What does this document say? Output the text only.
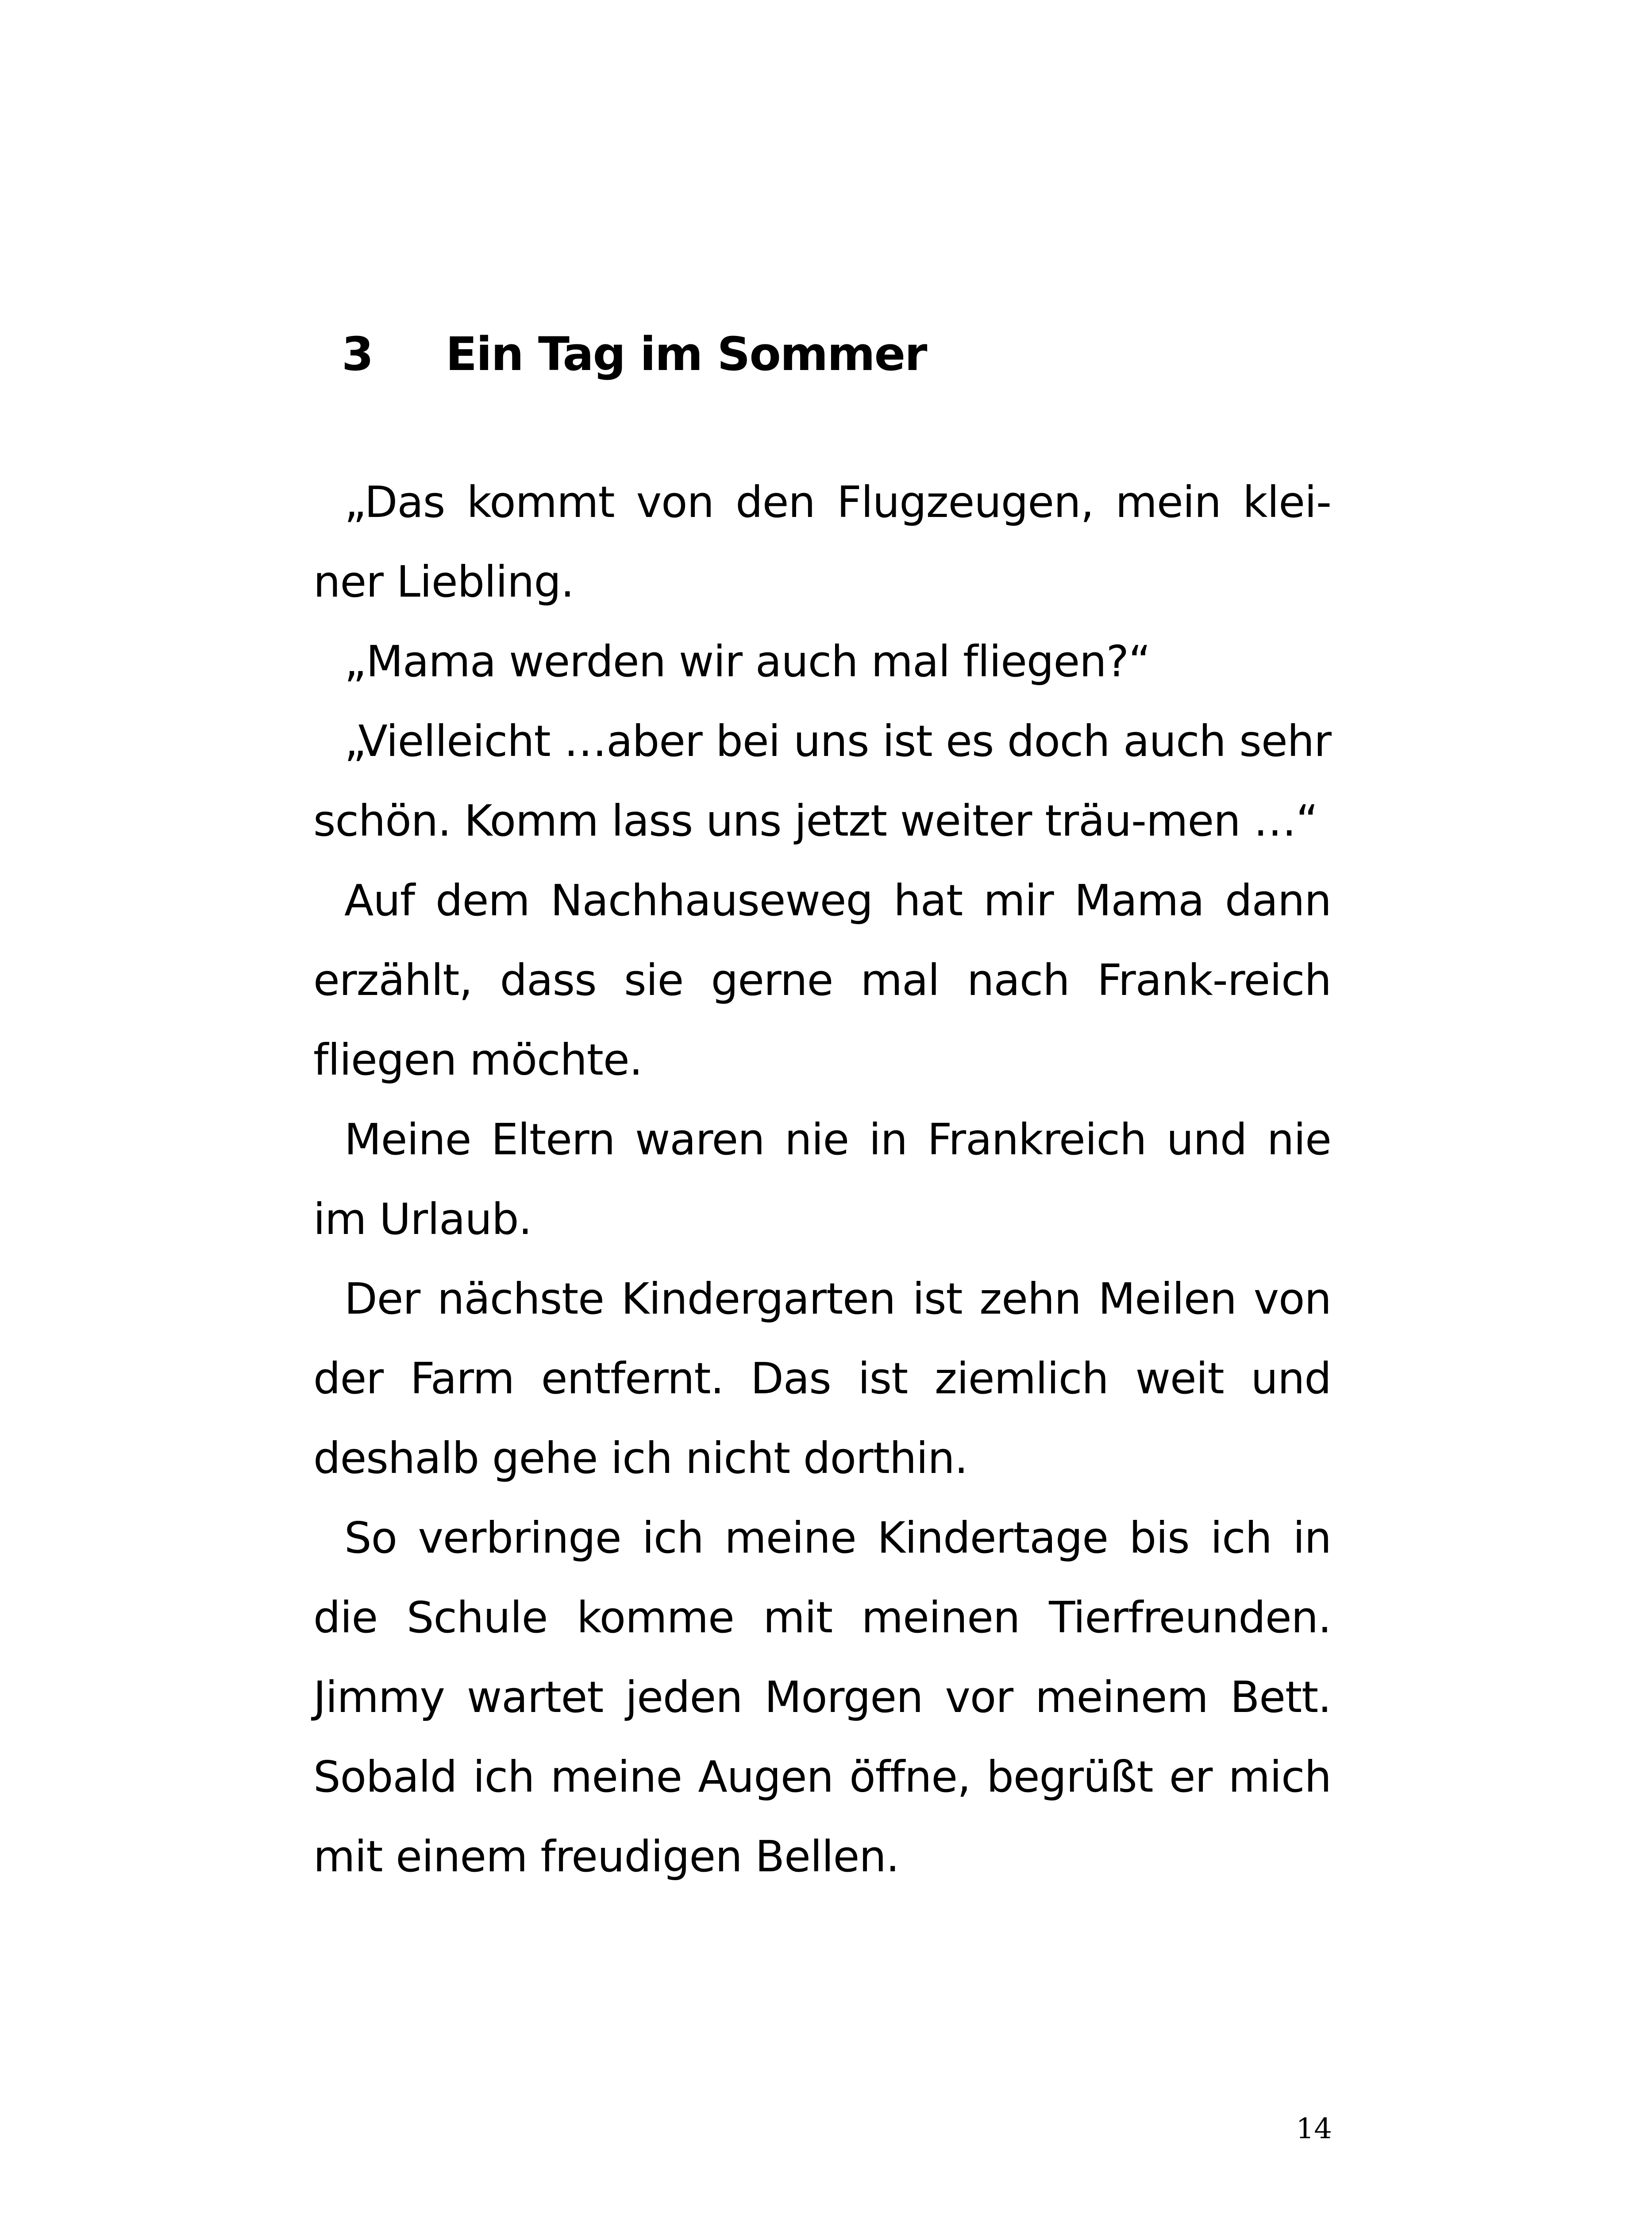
3	Ein Tag im Sommer

„Das kommt von den Flugzeugen, mein klei-ner Liebling.

„Mama werden wir auch mal fliegen?“

„Vielleicht …aber bei uns ist es doch auch sehr schön. Komm lass uns jetzt weiter träu-men …“

Auf dem Nachhauseweg hat mir Mama dann erzählt, dass sie gerne mal nach Frank-reich fliegen möchte.

Meine Eltern waren nie in Frankreich und nie im Urlaub.

Der nächste Kindergarten ist zehn Meilen von der Farm entfernt. Das ist ziemlich weit und deshalb gehe ich nicht dorthin.

So verbringe ich meine Kindertage bis ich in die Schule komme mit meinen Tierfreunden. Jimmy wartet jeden Morgen vor meinem Bett. Sobald ich meine Augen öffne, begrüßt er mich mit einem freudigen Bellen.

14
